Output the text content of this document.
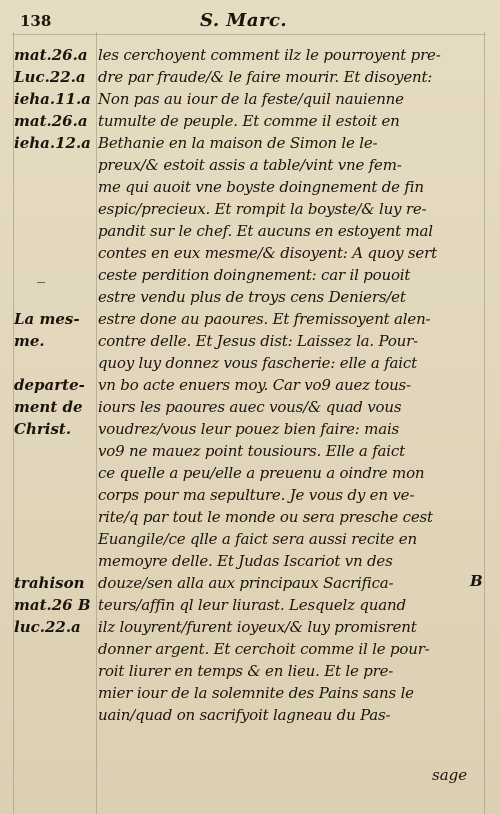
138	S. Marc.
mat.26.a
Luc.22.a
ieha.11.a
mat.26.a
ieha.12.a
La mes-
me.
departe-
ment de
Christ.
trahison
mat.26 B
luc.22.a
les cerchoyent comment ilz le pourroyent pre-
dre par fraude/& le faire mourir. Et disoyent:
Non pas au iour de la feste/quil nauienne
tumulte de peuple. Et comme il estoit en
Bethanie en la maison de Simon le le-
preux/& estoit assis a table/vint vne fem-
me qui auoit vne boyste doingnement de fin
espic/precieux. Et rompit la boyste/& luy re-
pandit sur le chef. Et aucuns en estoyent mal
contes en eux mesme/& disoyent: A quoy sert
ceste perdition doingnement: car il pouoit
estre vendu plus de troys cens Deniers/et
estre done au paoures. Et fremissoyent alen-
contre delle. Et Jesus dist: Laissez la. Pour-
quoy luy donnez vous fascherie: elle a faict
vn bo acte enuers moy. Car vo9 auez tous-
iours les paoures auec vous/& quad vous
voudrez/vous leur pouez bien faire: mais
vo9 ne mauez point tousiours. Elle a faict
ce quelle a peu/elle a preuenu a oindre mon
corps pour ma sepulture. Je vous dy en ve-
rite/q par tout le monde ou sera presche cest
Euangile/ce qlle a faict sera aussi recite en
memoyre delle. Et Judas Iscariot vn des
douze/sen alla aux principaux Sacrifica-
teurs/affin ql leur liurast. Lesquelz quand
ilz louyrent/furent ioyeux/& luy promisrent
donner argent. Et cerchoit comme il le pour-
roit liurer en temps & en lieu. Et le pre-
mier iour de la solemnite des Pains sans le
uain/quad on sacrifyoit lagneau du Pas-
B
sage
